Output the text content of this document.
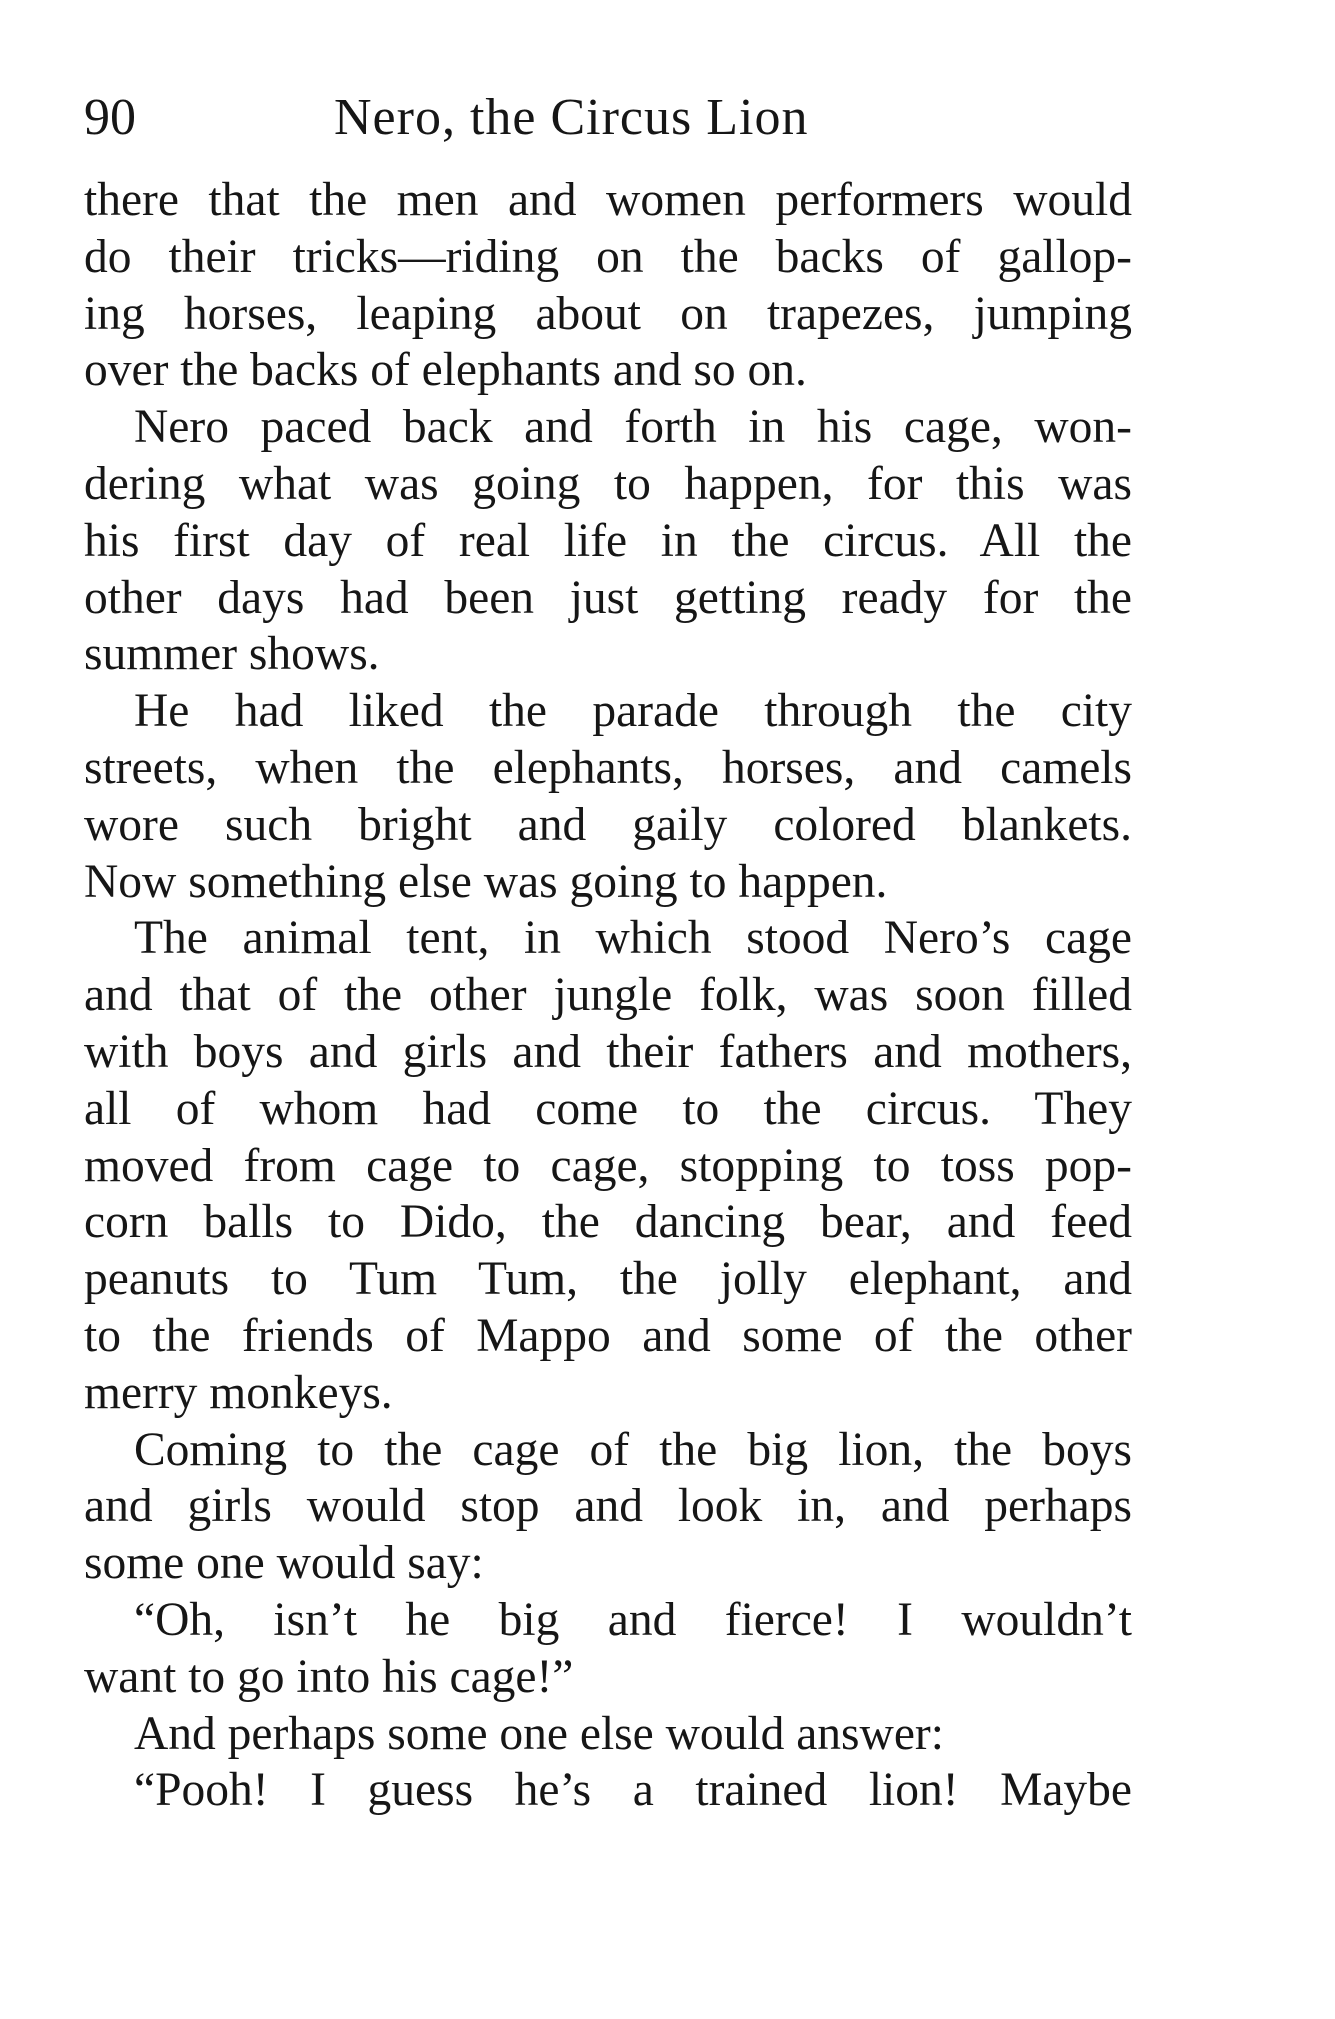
90	Nero, the Circus Lion

there that the men and women performers would
do their tricks—riding on the backs of gallop-
ing horses, leaping about on trapezes, jumping
over the backs of elephants and so on.

Nero paced back and forth in his cage, won-
dering what was going to happen, for this was
his first day of real life in the circus. All the
other days had been just getting ready for the
summer shows.

He had liked the parade through the city
streets, when the elephants, horses, and camels
wore such bright and gaily colored blankets.
Now something else was going to happen.

The animal tent, in which stood Nero’s cage
and that of the other jungle folk, was soon filled
with boys and girls and their fathers and mothers,
all of whom had come to the circus. They
moved from cage to cage, stopping to toss pop-
corn balls to Dido, the dancing bear, and feed
peanuts to Tum Tum, the jolly elephant, and
to the friends of Mappo and some of the other
merry monkeys.

Coming to the cage of the big lion, the boys
and girls would stop and look in, and perhaps
some one would say:

“Oh, isn’t he big and fierce! I wouldn’t
want to go into his cage!”

And perhaps some one else would answer:

“Pooh! I guess he’s a trained lion! Maybe
